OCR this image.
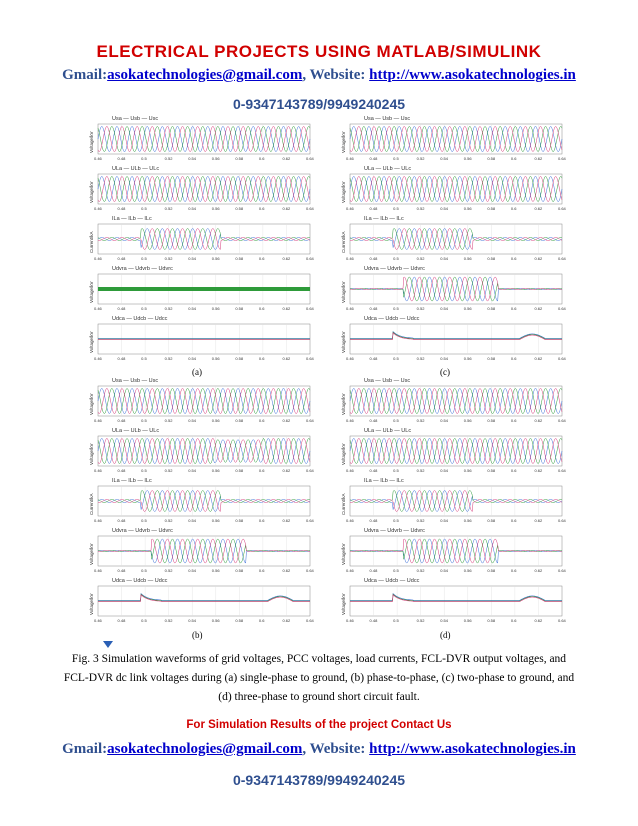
ELECTRICAL PROJECTS USING MATLAB/SIMULINK
Gmail:asokatechnologies@gmail.com, Website: http://www.asokatechnologies.in
0-9347143789/9949240245
Usa — Usb — Usc
Voltage/kV
0.46	0.48	0.5	0.52	0.54	0.56	0.58	0.6	0.62	0.64
ULa — ULb — ULc
Voltage/kV
0.46	0.48	0.5	0.52	0.54	0.56	0.58	0.6	0.62	0.64
ILa — ILb — ILc
Current/kA
0.46	0.48	0.5	0.52	0.54	0.56	0.58	0.6	0.62	0.64
Udvra — Udvrb — Udvrc
Voltage/kV
0.46	0.48	0.5	0.52	0.54	0.56	0.58	0.6	0.62	0.64
Udca — Udcb — Udcc
Voltage/kV
0.46	0.48	0.5	0.52	0.54	0.56	0.58	0.6	0.62	0.64
Usa — Usb — Usc
Voltage/kV
0.46	0.48	0.5	0.52	0.54	0.56	0.58	0.6	0.62	0.64
ULa — ULb — ULc
Voltage/kV
0.46	0.48	0.5	0.52	0.54	0.56	0.58	0.6	0.62	0.64
ILa — ILb — ILc
Current/kA
0.46	0.48	0.5	0.52	0.54	0.56	0.58	0.6	0.62	0.64
Udvra — Udvrb — Udvrc
Voltage/kV
0.46	0.48	0.5	0.52	0.54	0.56	0.58	0.6	0.62	0.64
Udca — Udcb — Udcc
Voltage/kV
0.46	0.48	0.5	0.52	0.54	0.56	0.58	0.6	0.62	0.64
Usa — Usb — Usc
Voltage/kV
0.46	0.48	0.5	0.52	0.54	0.56	0.58	0.6	0.62	0.64
ULa — ULb — ULc
Voltage/kV
0.46	0.48	0.5	0.52	0.54	0.56	0.58	0.6	0.62	0.64
ILa — ILb — ILc
Current/kA
0.46	0.48	0.5	0.52	0.54	0.56	0.58	0.6	0.62	0.64
Udvra — Udvrb — Udvrc
Voltage/kV
0.46	0.48	0.5	0.52	0.54	0.56	0.58	0.6	0.62	0.64
Udca — Udcb — Udcc
Voltage/kV
0.46	0.48	0.5	0.52	0.54	0.56	0.58	0.6	0.62	0.64
Usa — Usb — Usc
Voltage/kV
0.46	0.48	0.5	0.52	0.54	0.56	0.58	0.6	0.62	0.64
ULa — ULb — ULc
Voltage/kV
0.46	0.48	0.5	0.52	0.54	0.56	0.58	0.6	0.62	0.64
ILa — ILb — ILc
Current/kA
0.46	0.48	0.5	0.52	0.54	0.56	0.58	0.6	0.62	0.64
Udvra — Udvrb — Udvrc
Voltage/kV
0.46	0.48	0.5	0.52	0.54	0.56	0.58	0.6	0.62	0.64
Udca — Udcb — Udcc
Voltage/kV
0.46	0.48	0.5	0.52	0.54	0.56	0.58	0.6	0.62	0.64
(a)	(c)
(b)	(d)
Fig. 3 Simulation waveforms of grid voltages, PCC voltages, load currents, FCL-DVR output voltages, and FCL-DVR dc link voltages during (a) single-phase to ground, (b) phase-to-phase, (c) two-phase to ground, and (d) three-phase to ground short circuit fault.
For Simulation Results of the project Contact Us
Gmail:asokatechnologies@gmail.com, Website: http://www.asokatechnologies.in
0-9347143789/9949240245
